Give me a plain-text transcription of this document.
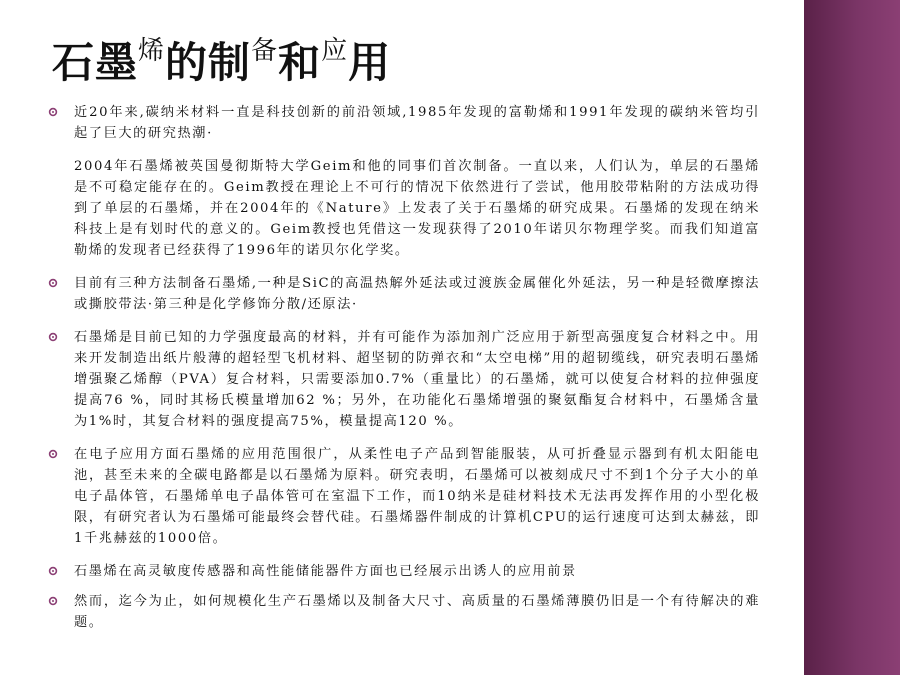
石墨$^烯$的制$^备$和$^应$用
近20年来,碳纳米材料一直是科技创新的前沿领域,1985年发现的富勒烯和1991年发现的碳纳米管均引起了巨大的研究热潮·
2004年石墨烯被英国曼彻斯特大学Geim和他的同事们首次制备。一直以来，人们认为，单层的石墨烯是不可稳定能存在的。Geim教授在理论上不可行的情况下依然进行了尝试，他用胶带粘附的方法成功得到了单层的石墨烯，并在2004年的《Nature》上发表了关于石墨烯的研究成果。石墨烯的发现在纳米科技上是有划时代的意义的。Geim教授也凭借这一发现获得了2010年诺贝尔物理学奖。而我们知道富勒烯的发现者已经获得了1996年的诺贝尔化学奖。
目前有三种方法制备石墨烯,一种是SiC的高温热解外延法或过渡族金属催化外延法，另一种是轻微摩擦法或撕胶带法·第三种是化学修饰分散/还原法·
石墨烯是目前已知的力学强度最高的材料，并有可能作为添加剂广泛应用于新型高强度复合材料之中。用来开发制造出纸片般薄的超轻型飞机材料、超坚韧的防弹衣和“太空电梯”用的超韧缆线，研究表明石墨烯增强聚乙烯醇（PVA）复合材料，只需要添加0.7%（重量比）的石墨烯，就可以使复合材料的拉伸强度提高76 %，同时其杨氏模量增加62 %；另外，在功能化石墨烯增强的聚氨酯复合材料中，石墨烯含量为1%时，其复合材料的强度提高75%，模量提高120 %。
在电子应用方面石墨烯的应用范围很广，从柔性电子产品到智能服装，从可折叠显示器到有机太阳能电池，甚至未来的全碳电路都是以石墨烯为原料。研究表明，石墨烯可以被刻成尺寸不到1个分子大小的单电子晶体管，石墨烯单电子晶体管可在室温下工作，而10纳米是硅材料技术无法再发挥作用的小型化极限，有研究者认为石墨烯可能最终会替代硅。石墨烯器件制成的计算机CPU的运行速度可达到太赫兹，即1千兆赫兹的1000倍。
石墨烯在高灵敏度传感器和高性能储能器件方面也已经展示出诱人的应用前景
然而，迄今为止，如何规模化生产石墨烯以及制备大尺寸、高质量的石墨烯薄膜仍旧是一个有待解决的难题。
